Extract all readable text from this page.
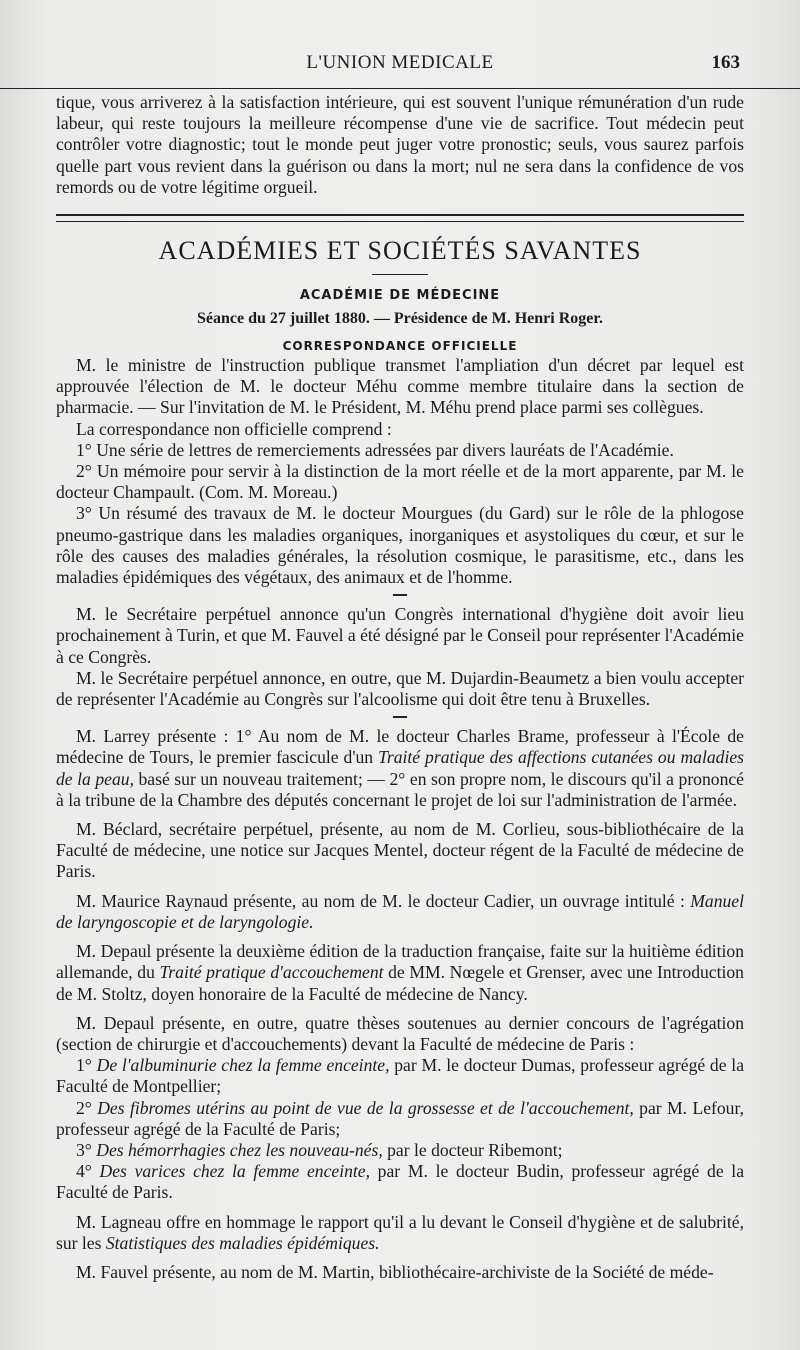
L'UNION MEDICALE	163

tique, vous arriverez à la satisfaction intérieure, qui est souvent l'unique rémunération d'un rude labeur, qui reste toujours la meilleure récompense d'une vie de sacrifice. Tout médecin peut contrôler votre diagnostic; tout le monde peut juger votre pronostic; seuls, vous saurez parfois quelle part vous revient dans la guérison ou dans la mort; nul ne sera dans la confidence de vos remords ou de votre légitime orgueil.

ACADÉMIES ET SOCIÉTÉS SAVANTES
ACADÉMIE DE MÉDECINE
Séance du 27 juillet 1880. — Présidence de M. Henri Roger.
CORRESPONDANCE OFFICIELLE

M. le ministre de l'instruction publique transmet l'ampliation d'un décret par lequel est approuvée l'élection de M. le docteur Méhu comme membre titulaire dans la section de pharmacie. — Sur l'invitation de M. le Président, M. Méhu prend place parmi ses collègues.

La correspondance non officielle comprend :

1° Une série de lettres de remerciements adressées par divers lauréats de l'Académie.

2° Un mémoire pour servir à la distinction de la mort réelle et de la mort apparente, par M. le docteur Champault. (Com. M. Moreau.)

3° Un résumé des travaux de M. le docteur Mourgues (du Gard) sur le rôle de la phlogose pneumo-gastrique dans les maladies organiques, inorganiques et asystoliques du cœur, et sur le rôle des causes des maladies générales, la résolution cosmique, le parasitisme, etc., dans les maladies épidémiques des végétaux, des animaux et de l'homme.

M. le Secrétaire perpétuel annonce qu'un Congrès international d'hygiène doit avoir lieu prochainement à Turin, et que M. Fauvel a été désigné par le Conseil pour représenter l'Académie à ce Congrès.

M. le Secrétaire perpétuel annonce, en outre, que M. Dujardin-Beaumetz a bien voulu accepter de représenter l'Académie au Congrès sur l'alcoolisme qui doit être tenu à Bruxelles.

M. Larrey présente : 1° Au nom de M. le docteur Charles Brame, professeur à l'École de médecine de Tours, le premier fascicule d'un Traité pratique des affections cutanées ou maladies de la peau, basé sur un nouveau traitement; — 2° en son propre nom, le discours qu'il a prononcé à la tribune de la Chambre des députés concernant le projet de loi sur l'administration de l'armée.

M. Béclard, secrétaire perpétuel, présente, au nom de M. Corlieu, sous-bibliothécaire de la Faculté de médecine, une notice sur Jacques Mentel, docteur régent de la Faculté de médecine de Paris.

M. Maurice Raynaud présente, au nom de M. le docteur Cadier, un ouvrage intitulé : Manuel de laryngoscopie et de laryngologie.

M. Depaul présente la deuxième édition de la traduction française, faite sur la huitième édition allemande, du Traité pratique d'accouchement de MM. Nœgele et Grenser, avec une Introduction de M. Stoltz, doyen honoraire de la Faculté de médecine de Nancy.

M. Depaul présente, en outre, quatre thèses soutenues au dernier concours de l'agrégation (section de chirurgie et d'accouchements) devant la Faculté de médecine de Paris :

1° De l'albuminurie chez la femme enceinte, par M. le docteur Dumas, professeur agrégé de la Faculté de Montpellier;

2° Des fibromes utérins au point de vue de la grossesse et de l'accouchement, par M. Lefour, professeur agrégé de la Faculté de Paris;

3° Des hémorrhagies chez les nouveau-nés, par le docteur Ribemont;

4° Des varices chez la femme enceinte, par M. le docteur Budin, professeur agrégé de la Faculté de Paris.

M. Lagneau offre en hommage le rapport qu'il a lu devant le Conseil d'hygiène et de salubrité, sur les Statistiques des maladies épidémiques.

M. Fauvel présente, au nom de M. Martin, bibliothécaire-archiviste de la Société de méde-
